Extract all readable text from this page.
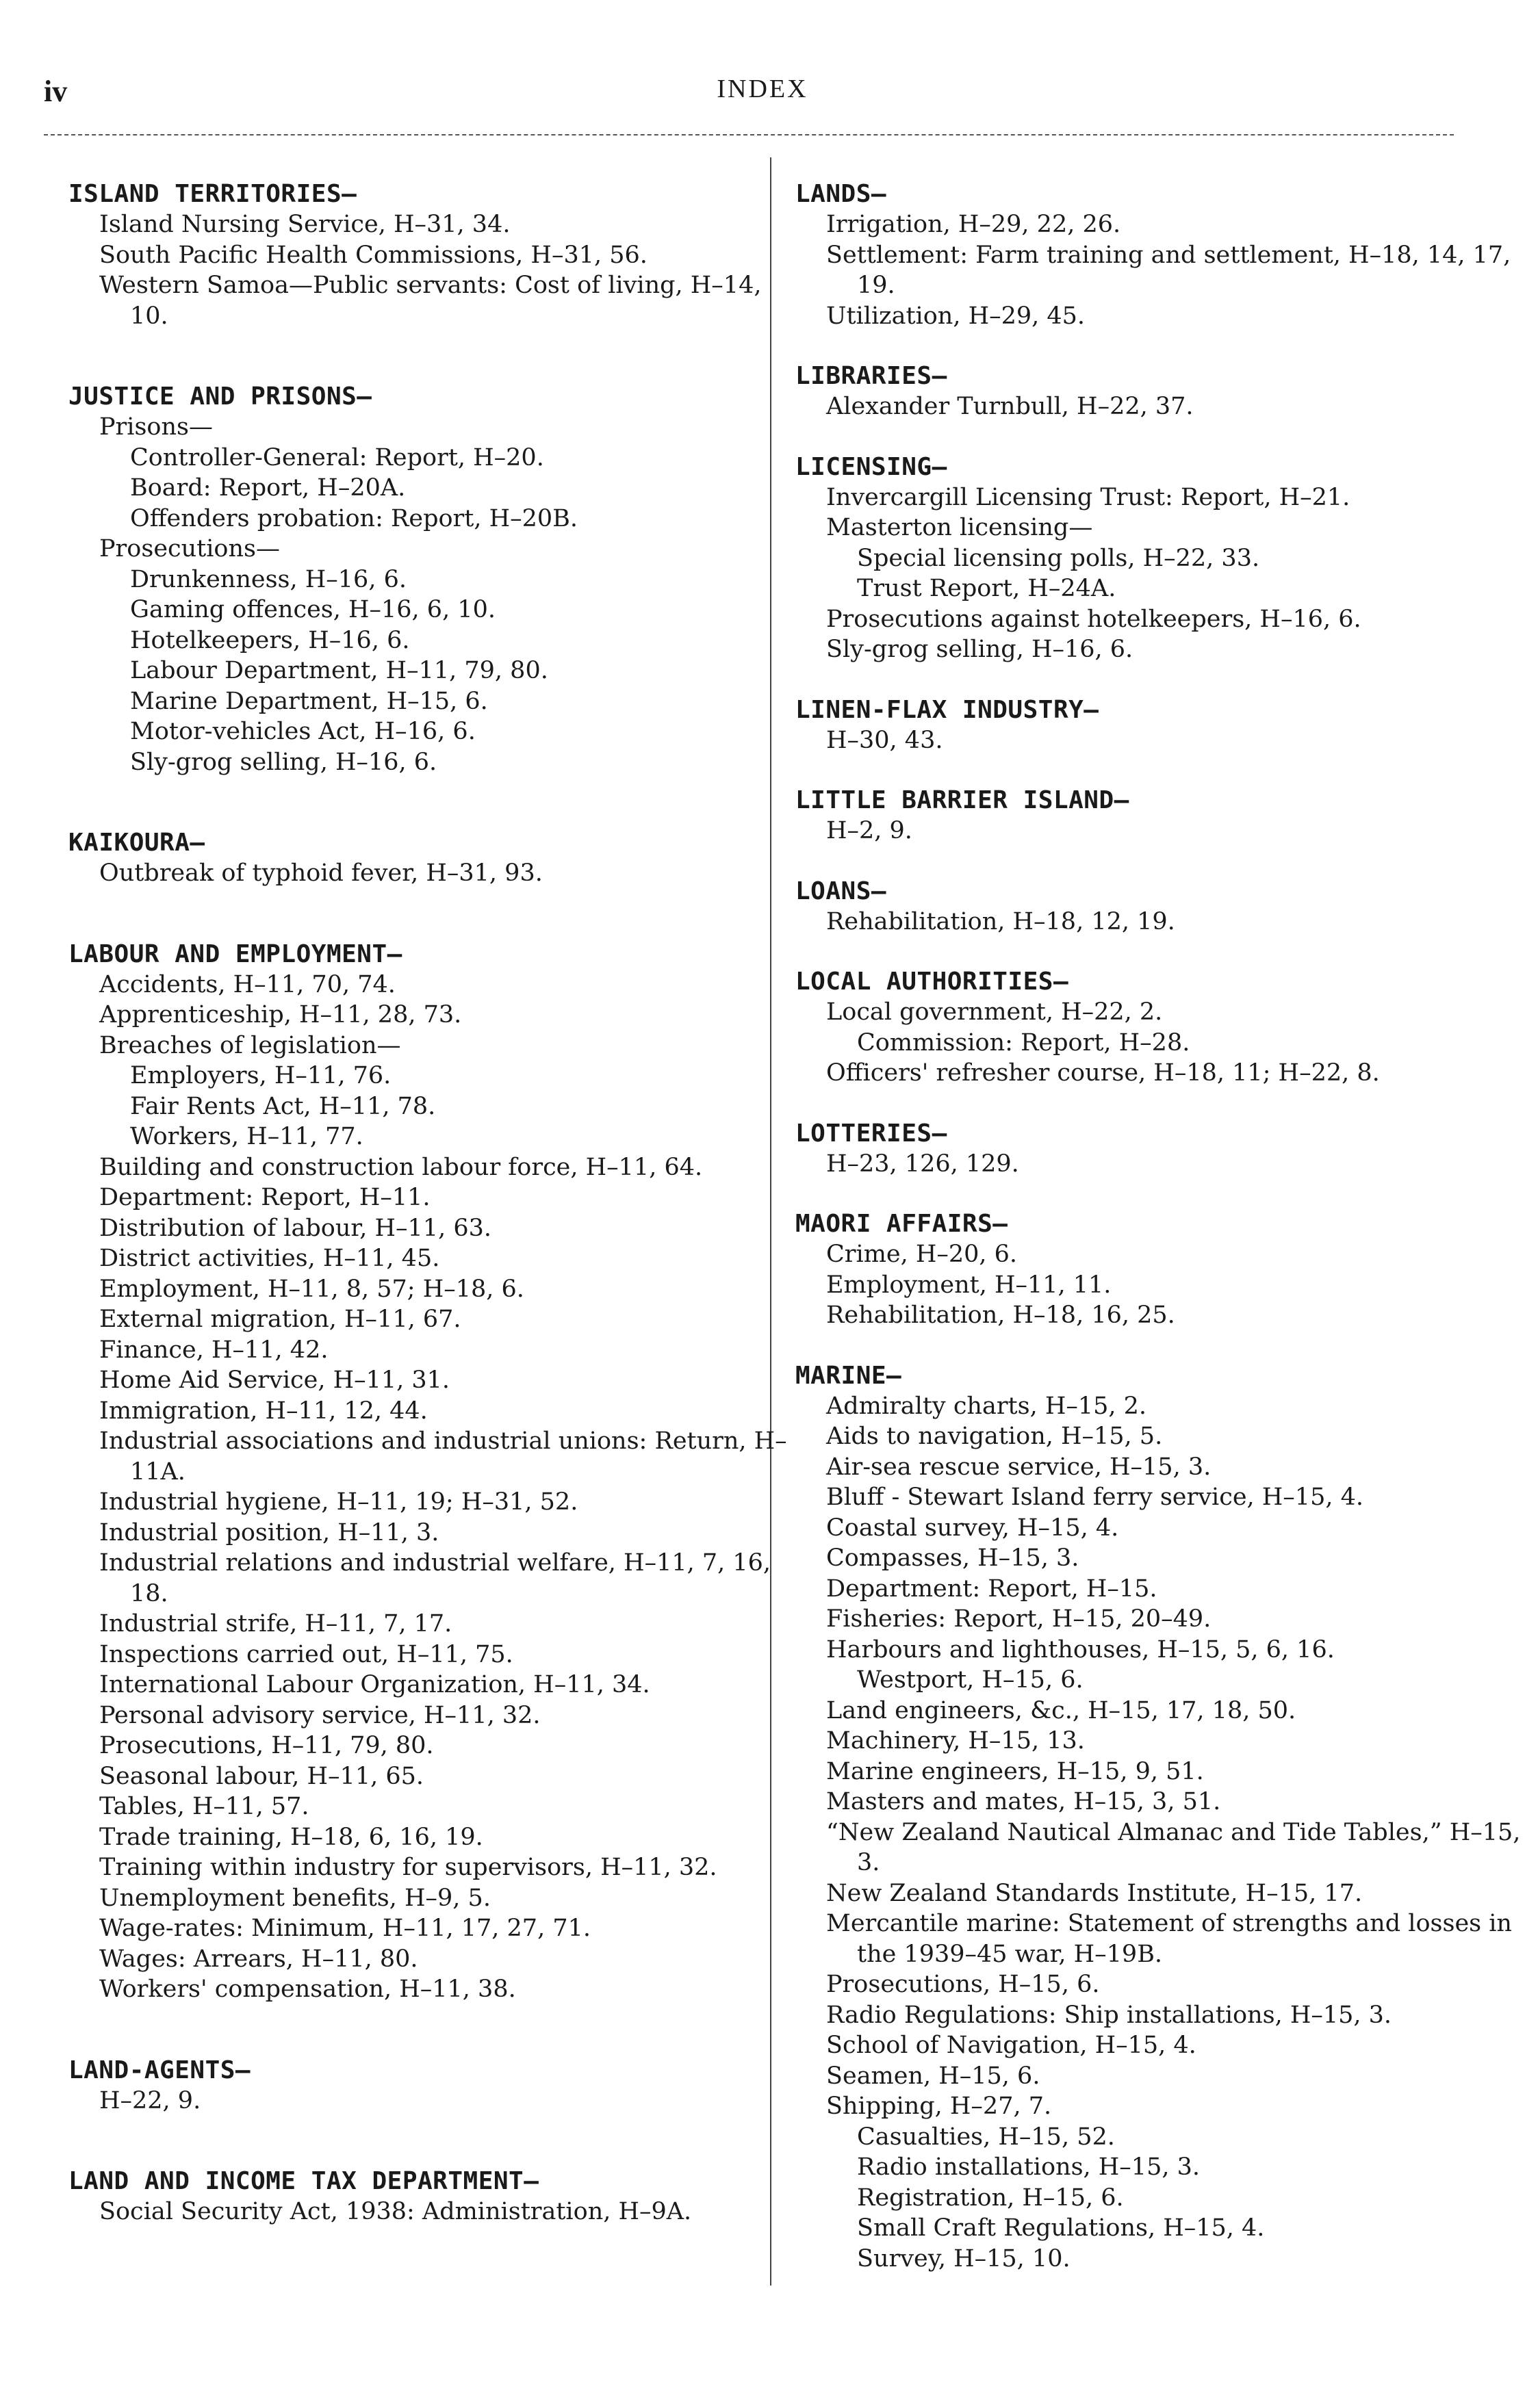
iv	INDEX
ISLAND TERRITORIES—
Island Nursing Service, H–31, 34.
South Pacific Health Commissions, H–31, 56.
Western Samoa—Public servants: Cost of living, H–14, 10.
JUSTICE AND PRISONS—
Prisons—
Controller-General: Report, H–20.
Board: Report, H–20A.
Offenders probation: Report, H–20B.
Prosecutions—
Drunkenness, H–16, 6.
Gaming offences, H–16, 6, 10.
Hotelkeepers, H–16, 6.
Labour Department, H–11, 79, 80.
Marine Department, H–15, 6.
Motor-vehicles Act, H–16, 6.
Sly-grog selling, H–16, 6.
KAIKOURA—
Outbreak of typhoid fever, H–31, 93.
LABOUR AND EMPLOYMENT—
Accidents, H–11, 70, 74.
Apprenticeship, H–11, 28, 73.
Breaches of legislation—
Employers, H–11, 76.
Fair Rents Act, H–11, 78.
Workers, H–11, 77.
Building and construction labour force, H–11, 64.
Department: Report, H–11.
Distribution of labour, H–11, 63.
District activities, H–11, 45.
Employment, H–11, 8, 57; H–18, 6.
External migration, H–11, 67.
Finance, H–11, 42.
Home Aid Service, H–11, 31.
Immigration, H–11, 12, 44.
Industrial associations and industrial unions: Return, H–11A.
Industrial hygiene, H–11, 19; H–31, 52.
Industrial position, H–11, 3.
Industrial relations and industrial welfare, H–11, 7, 16, 18.
Industrial strife, H–11, 7, 17.
Inspections carried out, H–11, 75.
International Labour Organization, H–11, 34.
Personal advisory service, H–11, 32.
Prosecutions, H–11, 79, 80.
Seasonal labour, H–11, 65.
Tables, H–11, 57.
Trade training, H–18, 6, 16, 19.
Training within industry for supervisors, H–11, 32.
Unemployment benefits, H–9, 5.
Wage-rates: Minimum, H–11, 17, 27, 71.
Wages: Arrears, H–11, 80.
Workers' compensation, H–11, 38.
LAND-AGENTS—
H–22, 9.
LAND AND INCOME TAX DEPARTMENT—
Social Security Act, 1938: Administration, H–9A.
LANDS—
Irrigation, H–29, 22, 26.
Settlement: Farm training and settlement, H–18, 14, 17, 19.
Utilization, H–29, 45.
LIBRARIES—
Alexander Turnbull, H–22, 37.
LICENSING—
Invercargill Licensing Trust: Report, H–21.
Masterton licensing—
Special licensing polls, H–22, 33.
Trust Report, H–24A.
Prosecutions against hotelkeepers, H–16, 6.
Sly-grog selling, H–16, 6.
LINEN-FLAX INDUSTRY—
H–30, 43.
LITTLE BARRIER ISLAND—
H–2, 9.
LOANS—
Rehabilitation, H–18, 12, 19.
LOCAL AUTHORITIES—
Local government, H–22, 2.
Commission: Report, H–28.
Officers' refresher course, H–18, 11; H–22, 8.
LOTTERIES—
H–23, 126, 129.
MAORI AFFAIRS—
Crime, H–20, 6.
Employment, H–11, 11.
Rehabilitation, H–18, 16, 25.
MARINE—
Admiralty charts, H–15, 2.
Aids to navigation, H–15, 5.
Air-sea rescue service, H–15, 3.
Bluff - Stewart Island ferry service, H–15, 4.
Coastal survey, H–15, 4.
Compasses, H–15, 3.
Department: Report, H–15.
Fisheries: Report, H–15, 20–49.
Harbours and lighthouses, H–15, 5, 6, 16.
Westport, H–15, 6.
Land engineers, &c., H–15, 17, 18, 50.
Machinery, H–15, 13.
Marine engineers, H–15, 9, 51.
Masters and mates, H–15, 3, 51.
“New Zealand Nautical Almanac and Tide Tables,” H–15, 3.
New Zealand Standards Institute, H–15, 17.
Mercantile marine: Statement of strengths and losses in the 1939–45 war, H–19B.
Prosecutions, H–15, 6.
Radio Regulations: Ship installations, H–15, 3.
School of Navigation, H–15, 4.
Seamen, H–15, 6.
Shipping, H–27, 7.
Casualties, H–15, 52.
Radio installations, H–15, 3.
Registration, H–15, 6.
Small Craft Regulations, H–15, 4.
Survey, H–15, 10.
